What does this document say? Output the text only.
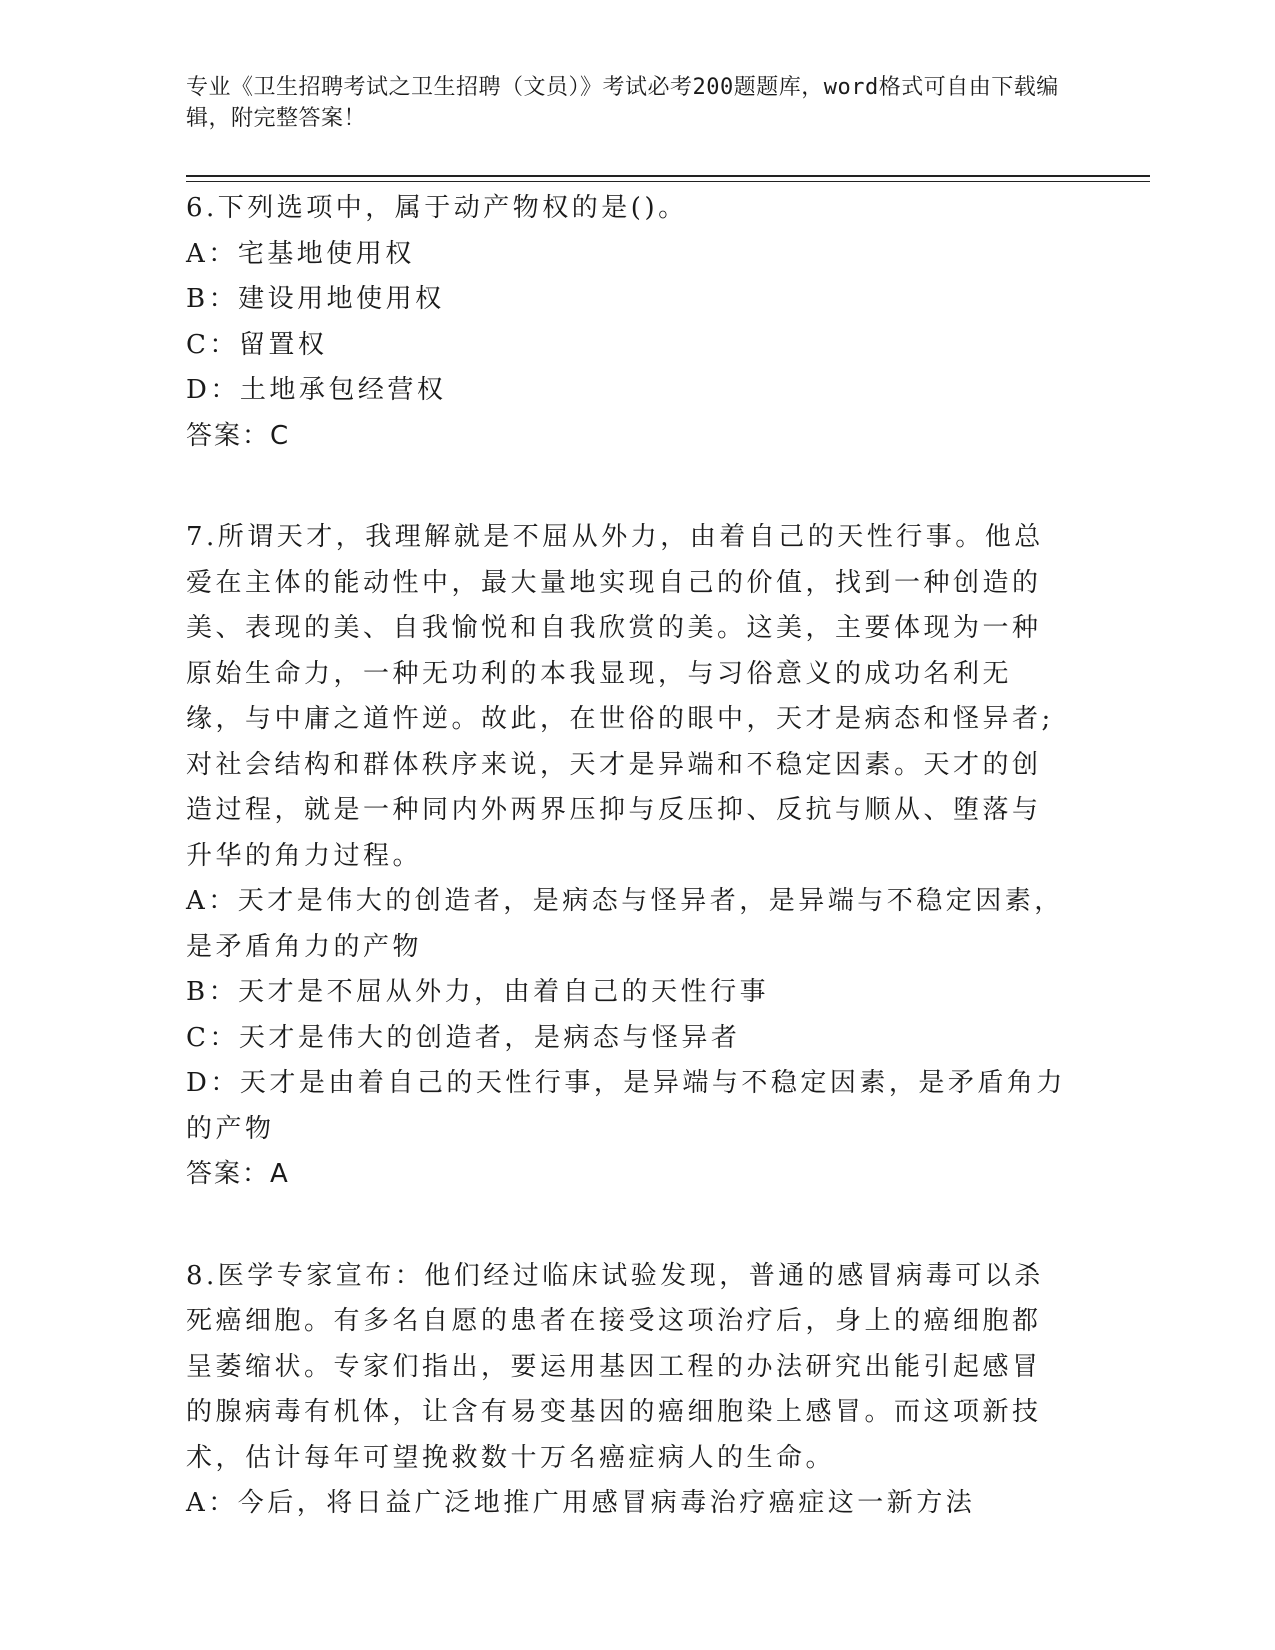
专业《卫生招聘考试之卫生招聘（文员）》考试必考200题题库，word格式可自由下载编辑，附完整答案！
6.下列选项中，属于动产物权的是()。
A：宅基地使用权
B：建设用地使用权
C：留置权
D：土地承包经营权
答案：C
7.所谓天才，我理解就是不屈从外力，由着自己的天性行事。他总爱在主体的能动性中，最大量地实现自己的价值，找到一种创造的美、表现的美、自我愉悦和自我欣赏的美。这美，主要体现为一种原始生命力，一种无功利的本我显现，与习俗意义的成功名利无缘，与中庸之道忤逆。故此，在世俗的眼中，天才是病态和怪异者;对社会结构和群体秩序来说，天才是异端和不稳定因素。天才的创造过程，就是一种同内外两界压抑与反压抑、反抗与顺从、堕落与升华的角力过程。
A：天才是伟大的创造者，是病态与怪异者，是异端与不稳定因素，是矛盾角力的产物
B：天才是不屈从外力，由着自己的天性行事
C：天才是伟大的创造者，是病态与怪异者
D：天才是由着自己的天性行事，是异端与不稳定因素，是矛盾角力的产物
答案：A
8.医学专家宣布：他们经过临床试验发现，普通的感冒病毒可以杀死癌细胞。有多名自愿的患者在接受这项治疗后，身上的癌细胞都呈萎缩状。专家们指出，要运用基因工程的办法研究出能引起感冒的腺病毒有机体，让含有易变基因的癌细胞染上感冒。而这项新技术，估计每年可望挽救数十万名癌症病人的生命。
A：今后，将日益广泛地推广用感冒病毒治疗癌症这一新方法
